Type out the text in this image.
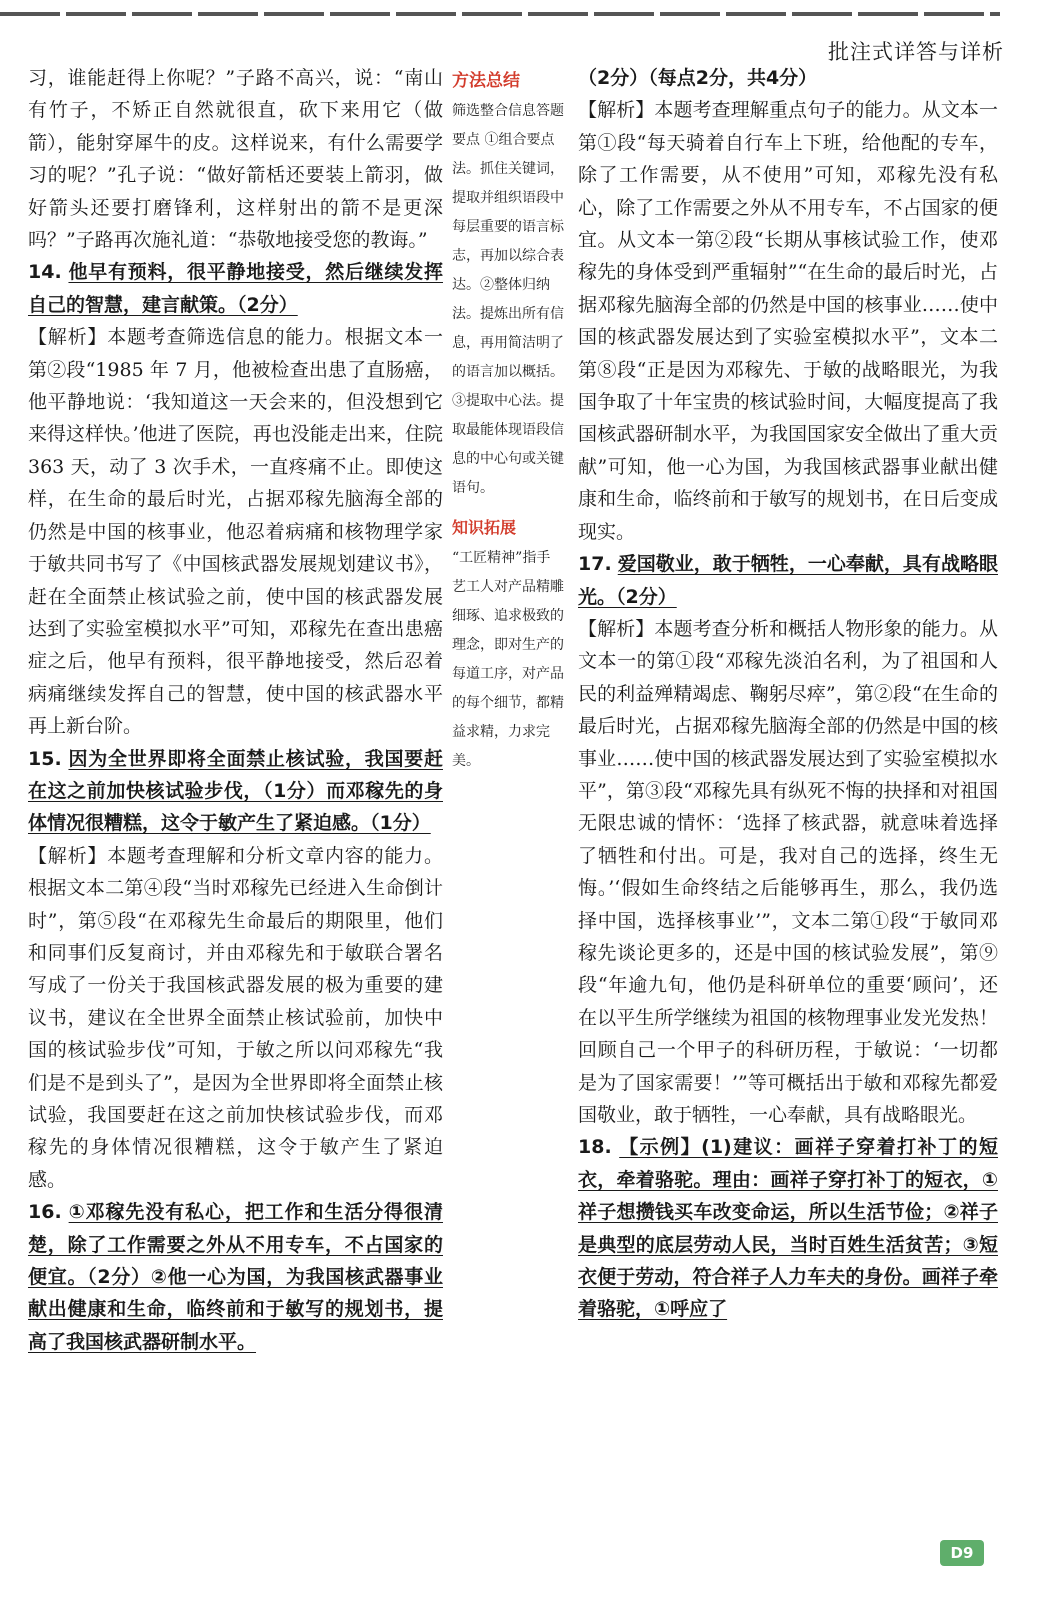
批注式详答与详析

习，谁能赶得上你呢？”子路不高兴，说：“南山有竹子，不矫正自然就很直，砍下来用它（做箭），能射穿犀牛的皮。这样说来，有什么需要学习的呢？”孔子说：“做好箭栝还要装上箭羽，做好箭头还要打磨锋利，这样射出的箭不是更深吗？”子路再次施礼道：“恭敬地接受您的教诲。”

14. 他早有预料，很平静地接受，然后继续发挥自己的智慧，建言献策。（2分）

【解析】本题考查筛选信息的能力。根据文本一第②段“1985 年 7 月，他被检查出患了直肠癌，他平静地说：‘我知道这一天会来的，但没想到它来得这样快。’他进了医院，再也没能走出来，住院 363 天，动了 3 次手术，一直疼痛不止。即使这样，在生命的最后时光，占据邓稼先脑海全部的仍然是中国的核事业，他忍着病痛和核物理学家于敏共同书写了《中国核武器发展规划建议书》，赶在全面禁止核试验之前，使中国的核武器发展达到了实验室模拟水平”可知，邓稼先在查出患癌症之后，他早有预料，很平静地接受，然后忍着病痛继续发挥自己的智慧，使中国的核武器水平再上新台阶。

15. 因为全世界即将全面禁止核试验，我国要赶在这之前加快核试验步伐，（1分）而邓稼先的身体情况很糟糕，这令于敏产生了紧迫感。（1分）

【解析】本题考查理解和分析文章内容的能力。根据文本二第④段“当时邓稼先已经进入生命倒计时”，第⑤段“在邓稼先生命最后的期限里，他们和同事们反复商讨，并由邓稼先和于敏联合署名写成了一份关于我国核武器发展的极为重要的建议书，建议在全世界全面禁止核试验前，加快中国的核试验步伐”可知，于敏之所以问邓稼先“我们是不是到头了”，是因为全世界即将全面禁止核试验，我国要赶在这之前加快核试验步伐，而邓稼先的身体情况很糟糕，这令于敏产生了紧迫感。

16. ①邓稼先没有私心，把工作和生活分得很清楚，除了工作需要之外从不用专车，不占国家的便宜。（2分）②他一心为国，为我国核武器事业献出健康和生命，临终前和于敏写的规划书，提高了我国核武器研制水平。

方法总结

筛选整合信息答题要点 ①组合要点法。抓住关键词，提取并组织语段中每层重要的语言标志，再加以综合表达。②整体归纳法。提炼出所有信息，再用简洁明了的语言加以概括。③提取中心法。提取最能体现语段信息的中心句或关键语句。

知识拓展

“工匠精神”指手艺工人对产品精雕细琢、追求极致的理念，即对生产的每道工序，对产品的每个细节，都精益求精，力求完美。

（2分）（每点2分，共4分）

【解析】本题考查理解重点句子的能力。从文本一第①段“每天骑着自行车上下班，给他配的专车，除了工作需要，从不使用”可知，邓稼先没有私心，除了工作需要之外从不用专车，不占国家的便宜。从文本一第②段“长期从事核试验工作，使邓稼先的身体受到严重辐射”“在生命的最后时光，占据邓稼先脑海全部的仍然是中国的核事业……使中国的核武器发展达到了实验室模拟水平”，文本二第⑧段“正是因为邓稼先、于敏的战略眼光，为我国争取了十年宝贵的核试验时间，大幅度提高了我国核武器研制水平，为我国国家安全做出了重大贡献”可知，他一心为国，为我国核武器事业献出健康和生命，临终前和于敏写的规划书，在日后变成现实。

17. 爱国敬业，敢于牺牲，一心奉献，具有战略眼光。（2分）

【解析】本题考查分析和概括人物形象的能力。从文本一的第①段“邓稼先淡泊名利，为了祖国和人民的利益殚精竭虑、鞠躬尽瘁”，第②段“在生命的最后时光，占据邓稼先脑海全部的仍然是中国的核事业……使中国的核武器发展达到了实验室模拟水平”，第③段“邓稼先具有纵死不悔的抉择和对祖国无限忠诚的情怀：‘选择了核武器，就意味着选择了牺牲和付出。可是，我对自己的选择，终生无悔。’‘假如生命终结之后能够再生，那么，我仍选择中国，选择核事业’”，文本二第①段“于敏同邓稼先谈论更多的，还是中国的核试验发展”，第⑨段“年逾九旬，他仍是科研单位的重要‘顾问’，还在以平生所学继续为祖国的核物理事业发光发热！回顾自己一个甲子的科研历程，于敏说：‘一切都是为了国家需要！’”等可概括出于敏和邓稼先都爱国敬业，敢于牺牲，一心奉献，具有战略眼光。

18. 【示例】(1)建议：画祥子穿着打补丁的短衣，牵着骆驼。理由：画祥子穿打补丁的短衣，①祥子想攒钱买车改变命运，所以生活节俭；②祥子是典型的底层劳动人民，当时百姓生活贫苦；③短衣便于劳动，符合祥子人力车夫的身份。画祥子牵着骆驼，①呼应了

D9
